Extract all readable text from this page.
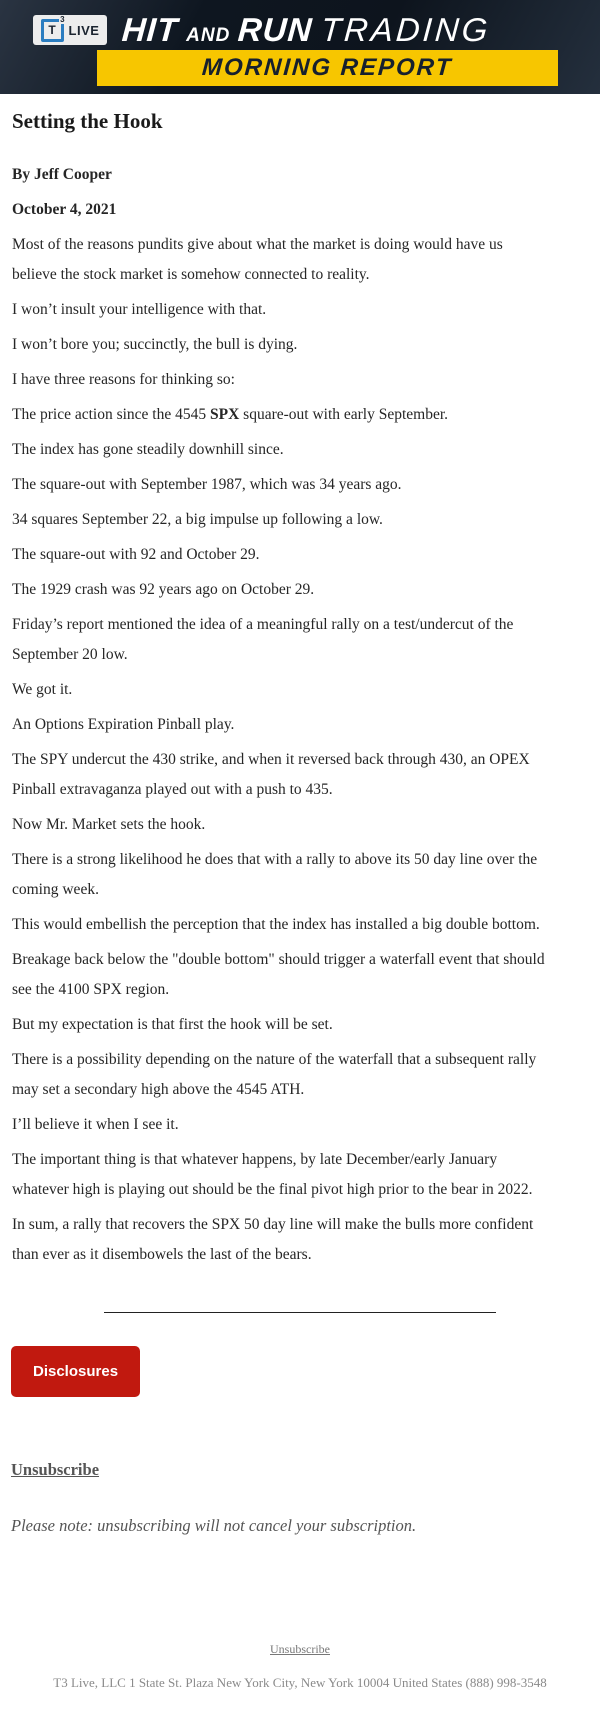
T
3
LIVE HIT AND RUN TRADING
MORNING REPORT
Setting the Hook

By Jeff Cooper

October 4, 2021

Most of the reasons pundits give about what the market is doing would have us believe the stock market is somehow connected to reality.

I won’t insult your intelligence with that.

I won’t bore you; succinctly, the bull is dying.

I have three reasons for thinking so:

The price action since the 4545 SPX square-out with early September.

The index has gone steadily downhill since.

The square-out with September 1987, which was 34 years ago.

34 squares September 22, a big impulse up following a low.

The square-out with 92 and October 29.

The 1929 crash was 92 years ago on October 29.

Friday’s report mentioned the idea of a meaningful rally on a test/undercut of the September 20 low.

We got it.

An Options Expiration Pinball play.

The SPY undercut the 430 strike, and when it reversed back through 430, an OPEX Pinball extravaganza played out with a push to 435.

Now Mr. Market sets the hook.

There is a strong likelihood he does that with a rally to above its 50 day line over the coming week.

This would embellish the perception that the index has installed a big double bottom.

Breakage back below the "double bottom" should trigger a waterfall event that should see the 4100 SPX region.

But my expectation is that first the hook will be set.

There is a possibility depending on the nature of the waterfall that a subsequent rally may set a secondary high above the 4545 ATH.

I’ll believe it when I see it.

The important thing is that whatever happens, by late December/early January whatever high is playing out should be the final pivot high prior to the bear in 2022.

In sum, a rally that recovers the SPX 50 day line will make the bulls more confident than ever as it disembowels the last of the bears.

Disclosures
Unsubscribe
Please note: unsubscribing will not cancel your subscription.
Unsubscribe
T3 Live, LLC 1 State St. Plaza New York City, New York 10004 United States (888) 998-3548
